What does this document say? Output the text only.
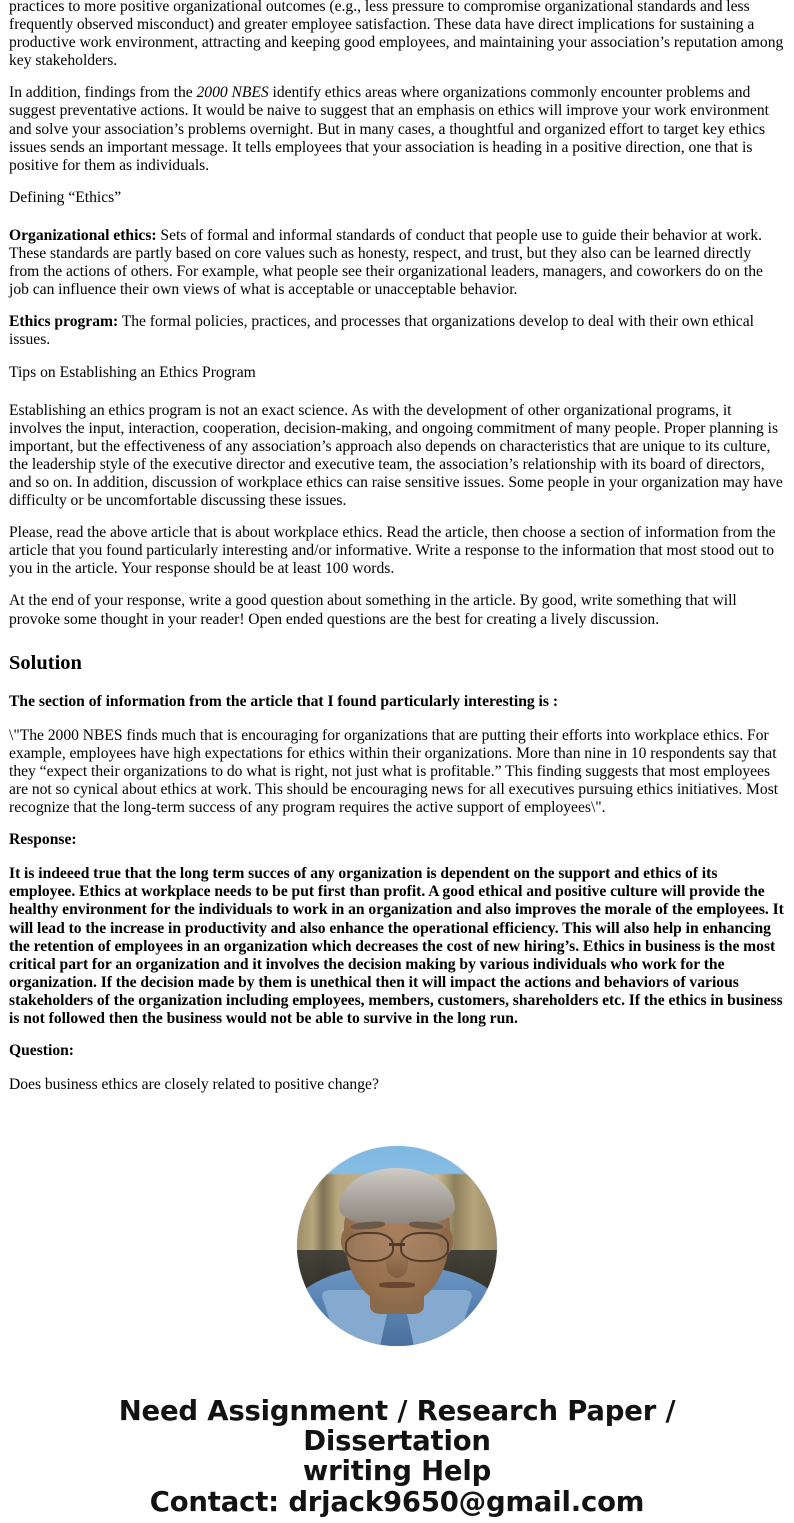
practices to more positive organizational outcomes (e.g., less pressure to compromise organizational standards and less frequently observed misconduct) and greater employee satisfaction. These data have direct implications for sustaining a productive work environment, attracting and keeping good employees, and maintaining your association’s reputation among key stakeholders.

In addition, findings from the 2000 NBES identify ethics areas where organizations commonly encounter problems and suggest preventative actions. It would be naive to suggest that an emphasis on ethics will improve your work environment and solve your association’s problems overnight. But in many cases, a thoughtful and organized effort to target key ethics issues sends an important message. It tells employees that your association is heading in a positive direction, one that is positive for them as individuals.

Defining “Ethics”

Organizational ethics: Sets of formal and informal standards of conduct that people use to guide their behavior at work. These standards are partly based on core values such as honesty, respect, and trust, but they also can be learned directly from the actions of others. For example, what people see their organizational leaders, managers, and coworkers do on the job can influence their own views of what is acceptable or unacceptable behavior.

Ethics program: The formal policies, practices, and processes that organizations develop to deal with their own ethical issues.

Tips on Establishing an Ethics Program

Establishing an ethics program is not an exact science. As with the development of other organizational programs, it involves the input, interaction, cooperation, decision-making, and ongoing commitment of many people. Proper planning is important, but the effectiveness of any association’s approach also depends on characteristics that are unique to its culture, the leadership style of the executive director and executive team, the association’s relationship with its board of directors, and so on. In addition, discussion of workplace ethics can raise sensitive issues. Some people in your organization may have difficulty or be uncomfortable discussing these issues.

Please, read the above article that is about workplace ethics. Read the article, then choose a section of information from the article that you found particularly interesting and/or informative. Write a response to the information that most stood out to you in the article. Your response should be at least 100 words.

At the end of your response, write a good question about something in the article. By good, write something that will provoke some thought in your reader! Open ended questions are the best for creating a lively discussion.

Solution

The section of information from the article that I found particularly interesting is :

\"The 2000 NBES finds much that is encouraging for organizations that are putting their efforts into workplace ethics. For example, employees have high expectations for ethics within their organizations. More than nine in 10 respondents say that they “expect their organizations to do what is right, not just what is profitable.” This finding suggests that most employees are not so cynical about ethics at work. This should be encouraging news for all executives pursuing ethics initiatives. Most recognize that the long-term success of any program requires the active support of employees\".

Response:

It is indeeed true that the long term succes of any organization is dependent on the support and ethics of its employee. Ethics at workplace needs to be put first than profit. A good ethical and positive culture will provide the healthy environment for the individuals to work in an organization and also improves the morale of the employees. It will lead to the increase in productivity and also enhance the operational efficiency. This will also help in enhancing the retention of employees in an organization which decreases the cost of new hiring’s. Ethics in business is the most critical part for an organization and it involves the decision making by various individuals who work for the organization. If the decision made by them is unethical then it will impact the actions and behaviors of various stakeholders of the organization including employees, members, customers, shareholders etc. If the ethics in business is not followed then the business would not be able to survive in the long run.

Question:

Does business ethics are closely related to positive change?

Need Assignment / Research Paper / Dissertation
writing Help
Contact: drjack9650@gmail.com
